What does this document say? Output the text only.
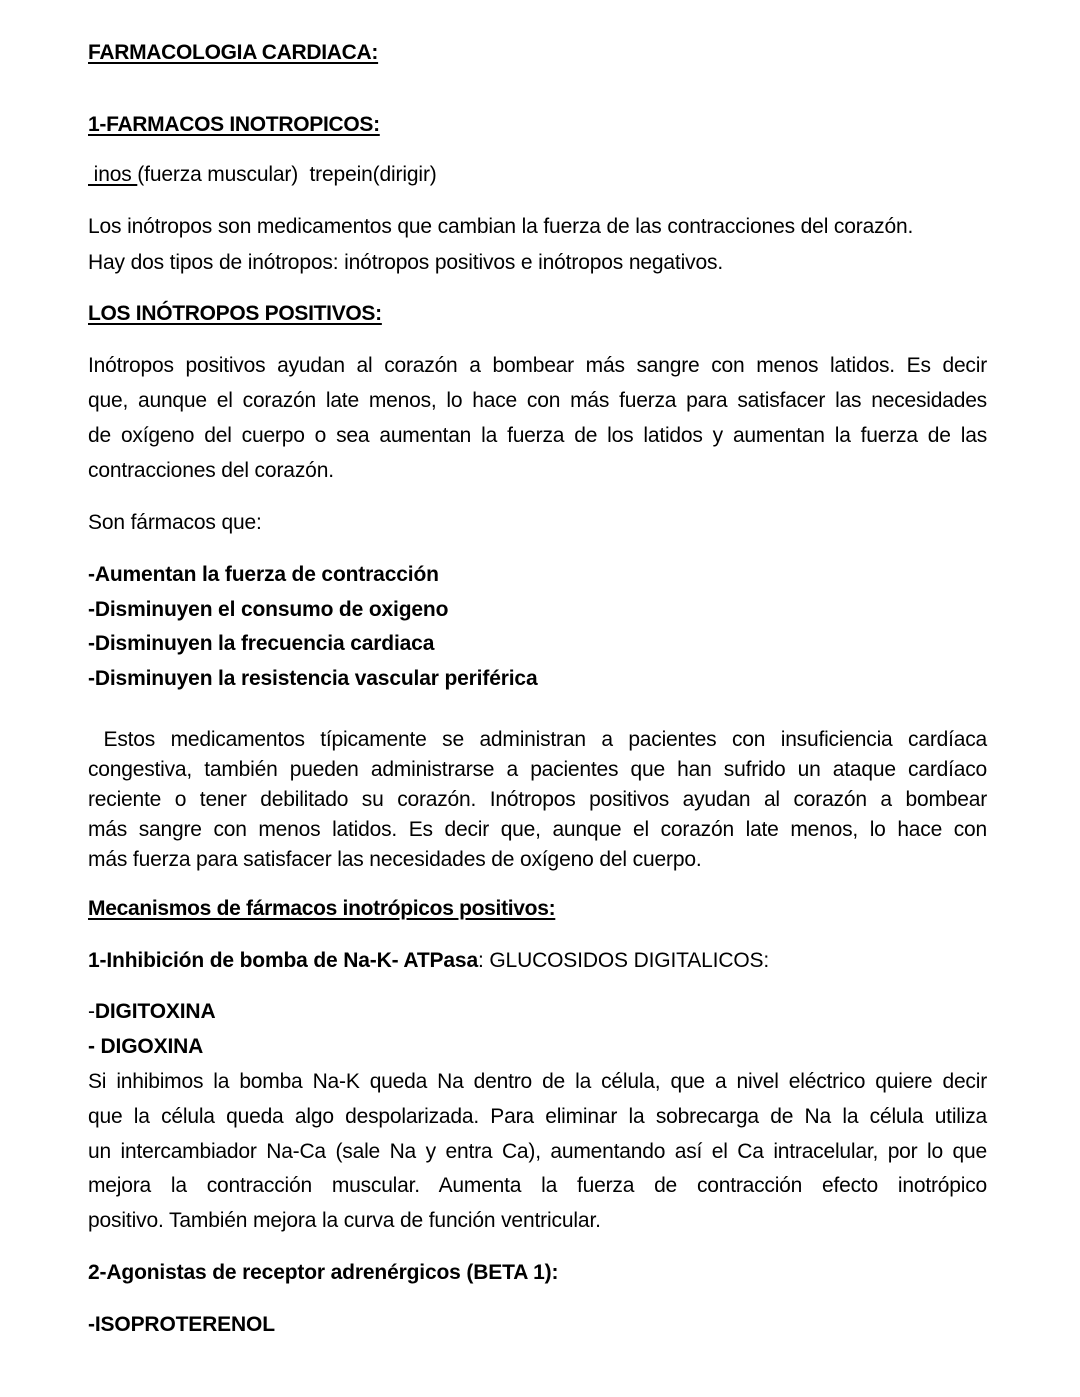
FARMACOLOGIA CARDIACA:
1-FARMACOS INOTROPICOS:
inos (fuerza muscular)  trepein(dirigir)
Los inótropos son medicamentos que cambian la fuerza de las contracciones del corazón.
Hay dos tipos de inótropos: inótropos positivos e inótropos negativos.
LOS INÓTROPOS POSITIVOS:
Inótropos positivos ayudan al corazón a bombear más sangre con menos latidos. Es decir
que, aunque el corazón late menos, lo hace con más fuerza para satisfacer las necesidades
de oxígeno del cuerpo o sea aumentan la fuerza de los latidos y aumentan la fuerza de las
contracciones del corazón.
Son fármacos que:
-Aumentan la fuerza de contracción
-Disminuyen el consumo de oxigeno
-Disminuyen la frecuencia cardiaca
-Disminuyen la resistencia vascular periférica
Estos medicamentos típicamente se administran a pacientes con insuficiencia cardíaca
congestiva, también pueden administrarse a pacientes que han sufrido un ataque cardíaco
reciente o tener debilitado su corazón. Inótropos positivos ayudan al corazón a bombear
más sangre con menos latidos. Es decir que, aunque el corazón late menos, lo hace con
más fuerza para satisfacer las necesidades de oxígeno del cuerpo.
Mecanismos de fármacos inotrópicos positivos:
1-Inhibición de bomba de Na-K- ATPasa: GLUCOSIDOS DIGITALICOS:
-DIGITOXINA
- DIGOXINA
Si inhibimos la bomba Na-K queda Na dentro de la célula, que a nivel eléctrico quiere decir
que la célula queda algo despolarizada. Para eliminar la sobrecarga de Na la célula utiliza
un intercambiador Na-Ca (sale Na y entra Ca), aumentando así el Ca intracelular, por lo que
mejora la contracción muscular. Aumenta la fuerza de contracción efecto inotrópico
positivo. También mejora la curva de función ventricular.
2-Agonistas de receptor adrenérgicos (BETA 1):
-ISOPROTERENOL
